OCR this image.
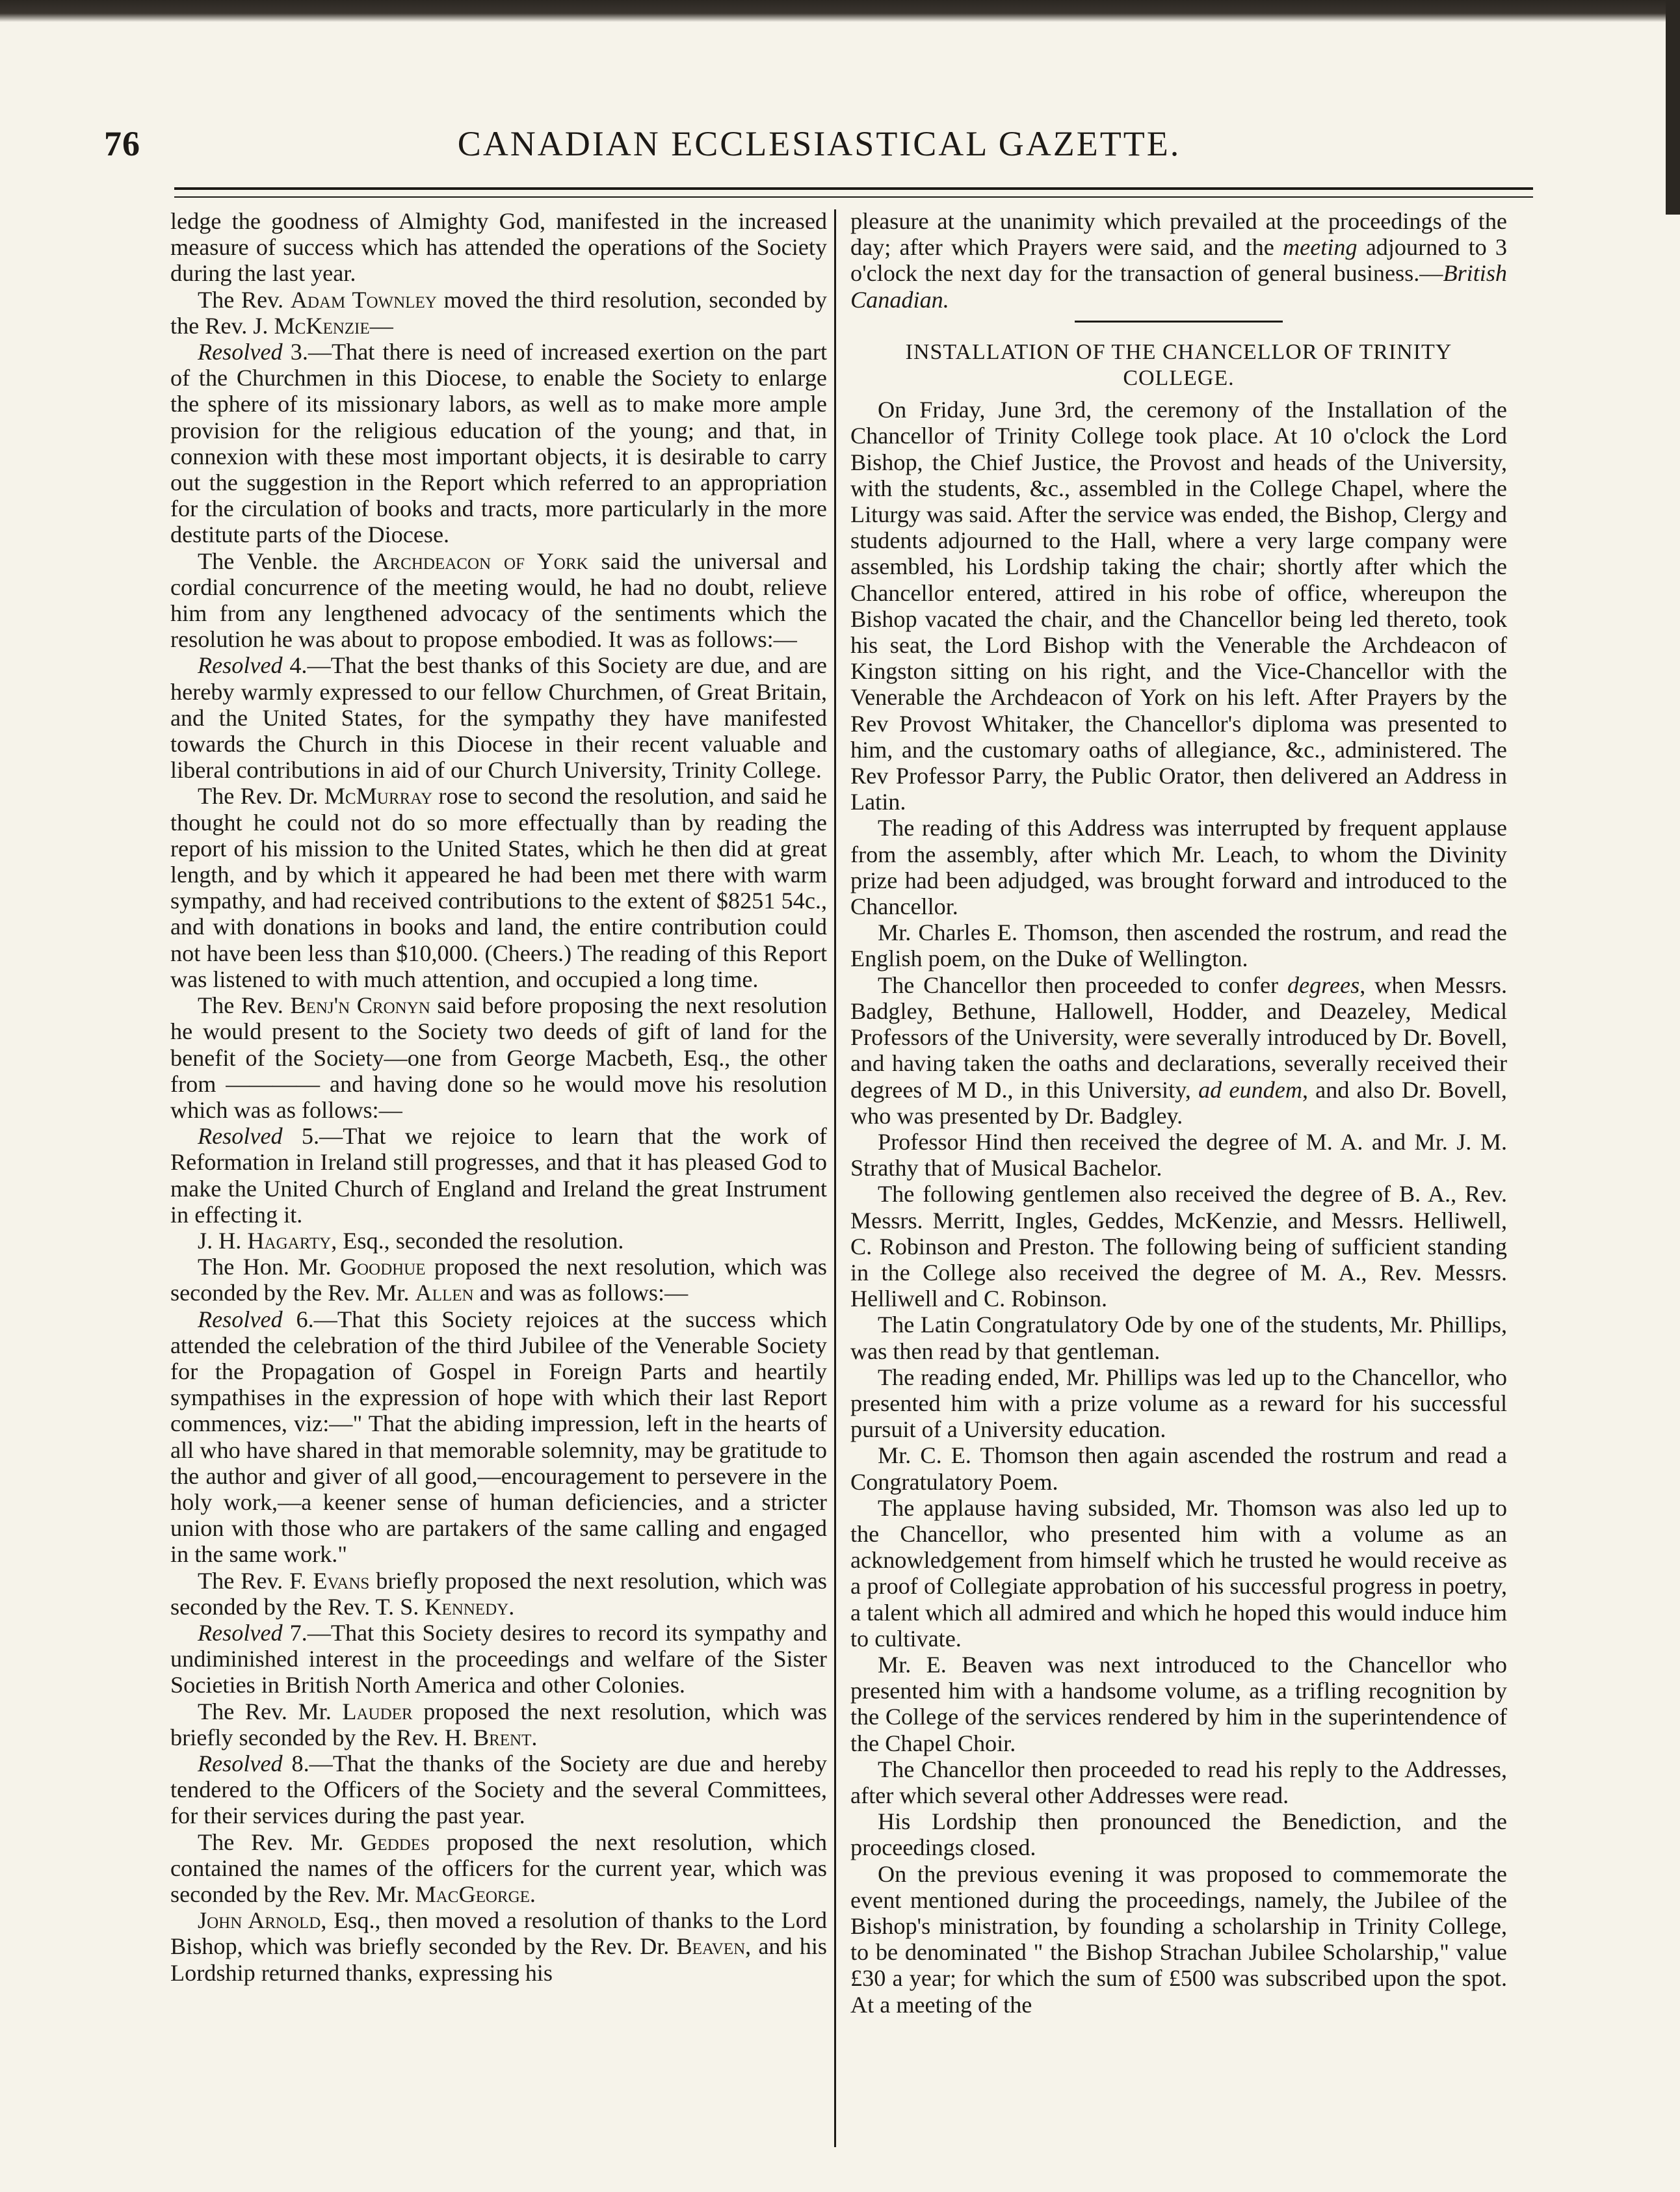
76	CANADIAN ECCLESIASTICAL GAZETTE.

ledge the goodness of Almighty God, manifested in the increased measure of success which has attended the operations of the Society during the last year.

The Rev. Adam Townley moved the third resolution, seconded by the Rev. J. McKenzie—

Resolved 3.—That there is need of increased exertion on the part of the Churchmen in this Diocese, to enable the Society to enlarge the sphere of its missionary labors, as well as to make more ample provision for the religious education of the young; and that, in connexion with these most important objects, it is desirable to carry out the suggestion in the Report which referred to an appropriation for the circulation of books and tracts, more particularly in the more destitute parts of the Diocese.

The Venble. the Archdeacon of York said the universal and cordial concurrence of the meeting would, he had no doubt, relieve him from any lengthened advocacy of the sentiments which the resolution he was about to propose embodied. It was as follows:—

Resolved 4.—That the best thanks of this Society are due, and are hereby warmly expressed to our fellow Churchmen, of Great Britain, and the United States, for the sympathy they have manifested towards the Church in this Diocese in their recent valuable and liberal contributions in aid of our Church University, Trinity College.

The Rev. Dr. McMurray rose to second the resolution, and said he thought he could not do so more effectually than by reading the report of his mission to the United States, which he then did at great length, and by which it appeared he had been met there with warm sympathy, and had received contributions to the extent of $8251 54c., and with donations in books and land, the entire contribution could not have been less than $10,000. (Cheers.) The reading of this Report was listened to with much attention, and occupied a long time.

The Rev. Benj'n Cronyn said before proposing the next resolution he would present to the Society two deeds of gift of land for the benefit of the Society—one from George Macbeth, Esq., the other from ———— and having done so he would move his resolution which was as follows:—

Resolved 5.—That we rejoice to learn that the work of Reformation in Ireland still progresses, and that it has pleased God to make the United Church of England and Ireland the great Instrument in effecting it.

J. H. Hagarty, Esq., seconded the resolution.

The Hon. Mr. Goodhue proposed the next resolution, which was seconded by the Rev. Mr. Allen and was as follows:—

Resolved 6.—That this Society rejoices at the success which attended the celebration of the third Jubilee of the Venerable Society for the Propagation of Gospel in Foreign Parts and heartily sympathises in the expression of hope with which their last Report commences, viz:—" That the abiding impression, left in the hearts of all who have shared in that memorable solemnity, may be gratitude to the author and giver of all good,—encouragement to persevere in the holy work,—a keener sense of human deficiencies, and a stricter union with those who are partakers of the same calling and engaged in the same work."

The Rev. F. Evans briefly proposed the next resolution, which was seconded by the Rev. T. S. Kennedy.

Resolved 7.—That this Society desires to record its sympathy and undiminished interest in the proceedings and welfare of the Sister Societies in British North America and other Colonies.

The Rev. Mr. Lauder proposed the next resolution, which was briefly seconded by the Rev. H. Brent.

Resolved 8.—That the thanks of the Society are due and hereby tendered to the Officers of the Society and the several Committees, for their services during the past year.

The Rev. Mr. Geddes proposed the next resolution, which contained the names of the officers for the current year, which was seconded by the Rev. Mr. MacGeorge.

John Arnold, Esq., then moved a resolution of thanks to the Lord Bishop, which was briefly seconded by the Rev. Dr. Beaven, and his Lordship returned thanks, expressing his

pleasure at the unanimity which prevailed at the proceedings of the day; after which Prayers were said, and the meeting adjourned to 3 o'clock the next day for the transaction of general business.—British Canadian.

INSTALLATION OF THE CHANCELLOR OF TRINITY COLLEGE.

On Friday, June 3rd, the ceremony of the Installation of the Chancellor of Trinity College took place. At 10 o'clock the Lord Bishop, the Chief Justice, the Provost and heads of the University, with the students, &c., assembled in the College Chapel, where the Liturgy was said. After the service was ended, the Bishop, Clergy and students adjourned to the Hall, where a very large company were assembled, his Lordship taking the chair; shortly after which the Chancellor entered, attired in his robe of office, whereupon the Bishop vacated the chair, and the Chancellor being led thereto, took his seat, the Lord Bishop with the Venerable the Archdeacon of Kingston sitting on his right, and the Vice-Chancellor with the Venerable the Archdeacon of York on his left. After Prayers by the Rev Provost Whitaker, the Chancellor's diploma was presented to him, and the customary oaths of allegiance, &c., administered. The Rev Professor Parry, the Public Orator, then delivered an Address in Latin.

The reading of this Address was interrupted by frequent applause from the assembly, after which Mr. Leach, to whom the Divinity prize had been adjudged, was brought forward and introduced to the Chancellor.

Mr. Charles E. Thomson, then ascended the rostrum, and read the English poem, on the Duke of Wellington.

The Chancellor then proceeded to confer degrees, when Messrs. Badgley, Bethune, Hallowell, Hodder, and Deazeley, Medical Professors of the University, were severally introduced by Dr. Bovell, and having taken the oaths and declarations, severally received their degrees of M D., in this University, ad eundem, and also Dr. Bovell, who was presented by Dr. Badgley.

Professor Hind then received the degree of M. A. and Mr. J. M. Strathy that of Musical Bachelor.

The following gentlemen also received the degree of B. A., Rev. Messrs. Merritt, Ingles, Geddes, McKenzie, and Messrs. Helliwell, C. Robinson and Preston. The following being of sufficient standing in the College also received the degree of M. A., Rev. Messrs. Helliwell and C. Robinson.

The Latin Congratulatory Ode by one of the students, Mr. Phillips, was then read by that gentleman.

The reading ended, Mr. Phillips was led up to the Chancellor, who presented him with a prize volume as a reward for his successful pursuit of a University education.

Mr. C. E. Thomson then again ascended the rostrum and read a Congratulatory Poem.

The applause having subsided, Mr. Thomson was also led up to the Chancellor, who presented him with a volume as an acknowledgement from himself which he trusted he would receive as a proof of Collegiate approbation of his successful progress in poetry, a talent which all admired and which he hoped this would induce him to cultivate.

Mr. E. Beaven was next introduced to the Chancellor who presented him with a handsome volume, as a trifling recognition by the College of the services rendered by him in the superintendence of the Chapel Choir.

The Chancellor then proceeded to read his reply to the Addresses, after which several other Addresses were read.

His Lordship then pronounced the Benediction, and the proceedings closed.

On the previous evening it was proposed to commemorate the event mentioned during the proceedings, namely, the Jubilee of the Bishop's ministration, by founding a scholarship in Trinity College, to be denominated " the Bishop Strachan Jubilee Scholarship," value £30 a year; for which the sum of £500 was subscribed upon the spot. At a meeting of the
